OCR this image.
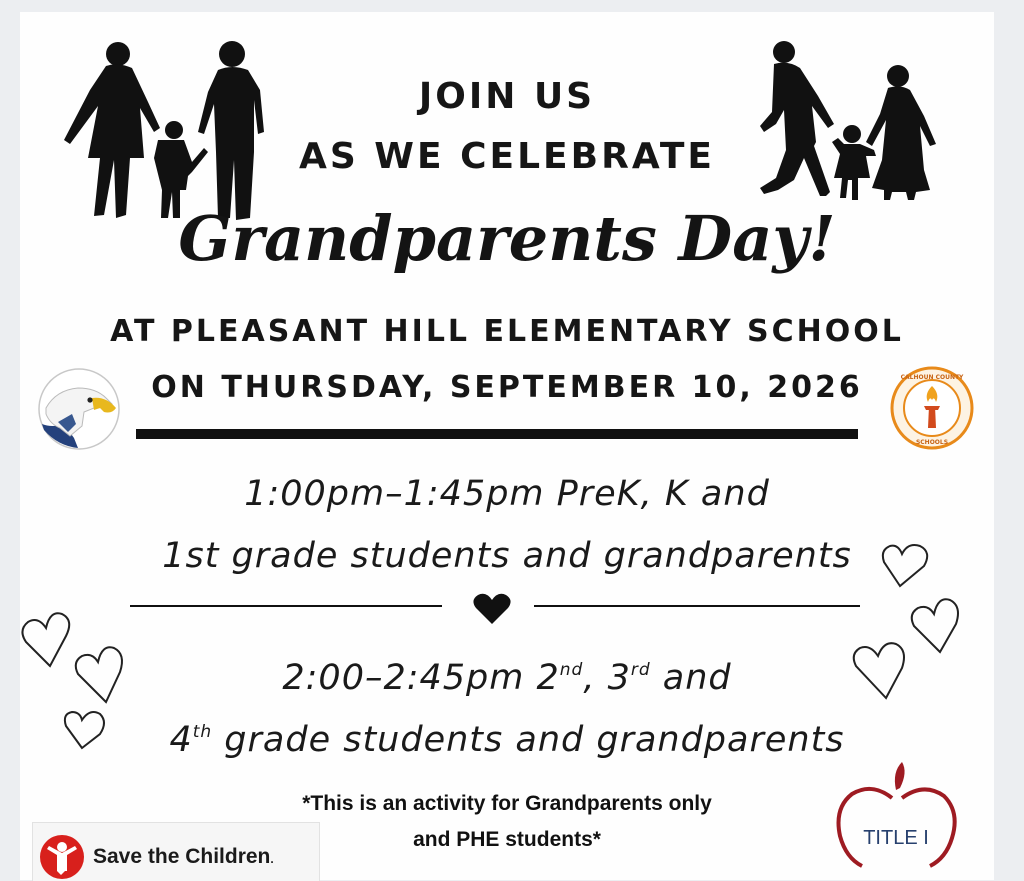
JOIN US
AS WE CELEBRATE
Grandparents Day!
AT PLEASANT HILL ELEMENTARY SCHOOL
ON THURSDAY, SEPTEMBER 10, 2026	CALHOUN COUNTY
SCHOOLS
1:00pm–1:45pm PreK, K and
1st grade students and grandparents
2:00–2:45pm 2nd, 3rd and
4th grade students and grandparents
*This is an activity for Grandparents only
and PHE students*
Save the Children.
TITLE I
